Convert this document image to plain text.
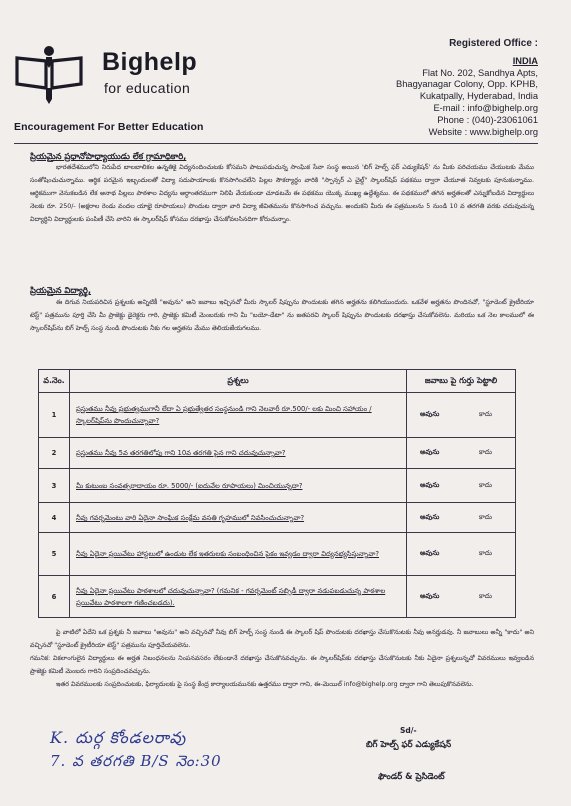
Bighelp
for education
Encouragement For Better Education
Registered Office :
INDIA
Flat No. 202, Sandhya Apts,
Bhagyanagar Colony, Opp. KPHB,
Kukatpally, Hyderabad, India
E-mail : info@bighelp.org
Phone : (040)-23061061
Website : www.bighelp.org
ప్రియమైన ప్రధానోపాధ్యాయుడు లేక గ్రామాధికారి,
భారతదేశములోని నిరుపేద బాలబాలికల ఉన్నతికై విద్యనందించుటకు కోసమని పాటుపడుచున్న సాంఘిక సేవా సంస్థ అయిన 'బిగ్ హెల్ప్ ఫర్ ఎడ్యుకేషన్' ను మీకు పరిచయము చేయుటకు మేము సంతోషించుచున్నాము. ఆర్థిక పరమైన ఇబ్బందులతో విద్యా సదుపాయాలకు కొనసాగించలేని పిల్లల సౌకర్యార్థం వారికి "స్పాన్సర్ ఎ చైల్డ్" స్కాలర్‌షిప్ పథకము ద్వారా చేయూత నివ్వటకు పూనుకున్నాము. ఆర్థికముగా వెనుకబడిన లేక అనాథ పిల్లలు పాఠశాల విద్యను అర్ధాంతరముగా నిలిపి వేయకుండా చూడటమే ఈ పథకము యొక్క ముఖ్య ఉద్దేశ్యము. ఈ పథకములో తగిన అర్హతలతో ఎన్నుకోబడిన విద్యార్థులు నెలకు రూ. 250/- (అక్షరాల రెండు వందల యాభై రూపాయలు) పొందుట ద్వారా వారి విద్యా జీవితమును కొనసాగించ వచ్చును. అందుకని మీరు ఈ పత్రములను 5 నుండి 10 వ తరగతి వరకు చదువుచున్న విద్యార్థిని విద్యార్థులకు పంపిణీ చేసి వారిని ఈ స్కాలర్‌షిప్ కోసము దరఖాస్తు చేసుకోవలసినదిగా కోరుచున్నాం.
ప్రియమైన విద్యార్థి,
ఈ దిగువ నియపరిచిన ప్రశ్నలకు అన్నిటికీ "అవును" అని జవాబు ఇచ్చినచో మీరు స్కాలర్ షిప్పును పొందుటకు తగిన అర్హతను కలిగియుందురు. ఒకవేళ అర్హతను పొందినచో, "స్టూడెంట్ క్రైటీరియా టెస్ట్" పత్రమును పూర్తి చేసి మీ ప్రాజెక్టు డైరెక్టరు గారి, ప్రాజెక్టు కమిటీ మెంబరుకు గాని మీ "బయో-డేటా" ను జతపరచి స్కాలర్ షిప్పును పొందుటకు దరఖాస్తు చేసుకోవలెను. మరియు ఒక నెల కాలములో ఈ స్కాలర్‌షిప్‌ను బిగ్ హెల్ప్ సంస్థ నుండి పొందుటకు నీకు గల అర్హతను మేము తెలియజేయగలము.
వ.నెం.	ప్రశ్నలు	జవాబు పై గుర్తు పెట్టాలి
1	ప్రస్తుతము నీవు ప్రభుత్వముగానీ లేదా ఏ ప్రభుత్వేతర సంస్థనుండి గాని నెలవారీ రూ.500/- లకు మించి సహాయం / స్కాలర్‌షిప్‌ను పొందుచున్నావా?	అవును కాదు

2	ప్రస్తుతము నీవు 5వ తరగతిలోపు గాని 10వ తరగతి పైన గాని చదువుచున్నావా?	అవును కాదు

3	మీ కుటుంబ సంవత్సరాదాయం రూ. 5000/- (ఐదువేల రూపాయలు) మించియున్నదా?	అవును కాదు

4	నీవు గవర్నమెంటు వారి ఏదైనా సాంఘిక సంక్షేమ వసతి గృహములో నివసించుచున్నావా?	అవును కాదు

5	నీవు ఏదైనా ప్రయివేటు హాస్టలులో ఉండుట లేక ఇతరులకు సంబంధించిన పైకం ఇవ్వడం ద్వారా విద్యనభ్యసిస్తున్నావా?	అవును కాదు

6	నీవు ఏదైనా ప్రయివేటు పాఠశాలలో చదువుచున్నావా? (గమనిక - గవర్నమెంట్ సబ్సిడీ ద్వారా నడుపబడుచున్న పాఠశాల ప్రయివేటు పాఠశాలగా గణించబడదు).	అవును కాదు
పై వాటిలో ఏదేని ఒక ప్రశ్నకు నీ జవాబు "అవును" అని వచ్చినచో నీవు బిగ్ హెల్ప్ సంస్థ నుండి ఈ స్కాలర్ షిప్ పొందుటకు దరఖాస్తు చేసుకొనుటకు నీవు అనర్హుడవు. నీ జవాబులు అన్నీ "కాదు" అని వచ్చినచో "స్టూడెంట్ క్రైటీరియా టెస్ట్" పత్రమును పూర్తిచేయవలెను.
గమనిక: వికలాంగులైన విద్యార్థులు ఈ అర్హత నిబంధనలను నింపనవసరం లేకుండానే దరఖాస్తు చేసుకొనవచ్చును. ఈ స్కాలర్‌షిప్‌కు దరఖాస్తు చేసుకొనుటకు నీకు ఏదైనా ప్రశ్నలున్నచో వివరములు ఇవ్వబడిన ప్రాజెక్టు కమిటీ మెంబరు గారిని సంప్రదించవచ్చును.
ఇతర వివరములకు సంప్రదించుటకు, ఫిర్యాదులకు పై సంస్థ కేంద్ర కార్యాలయమునకు ఉత్తరము ద్వారా గాని, ఈ-మెయిల్ info@bighelp.org ద్వారా గాని తెలుపుకొనవలెను.
K. దుర్గ కోండలరావు
7. వ తరగతి B/S నెం:30
Sd/-
బిగ్ హెల్ప్ ఫర్ ఎడ్యుకేషన్
ఫౌండర్ & ప్రెసిడెంట్
